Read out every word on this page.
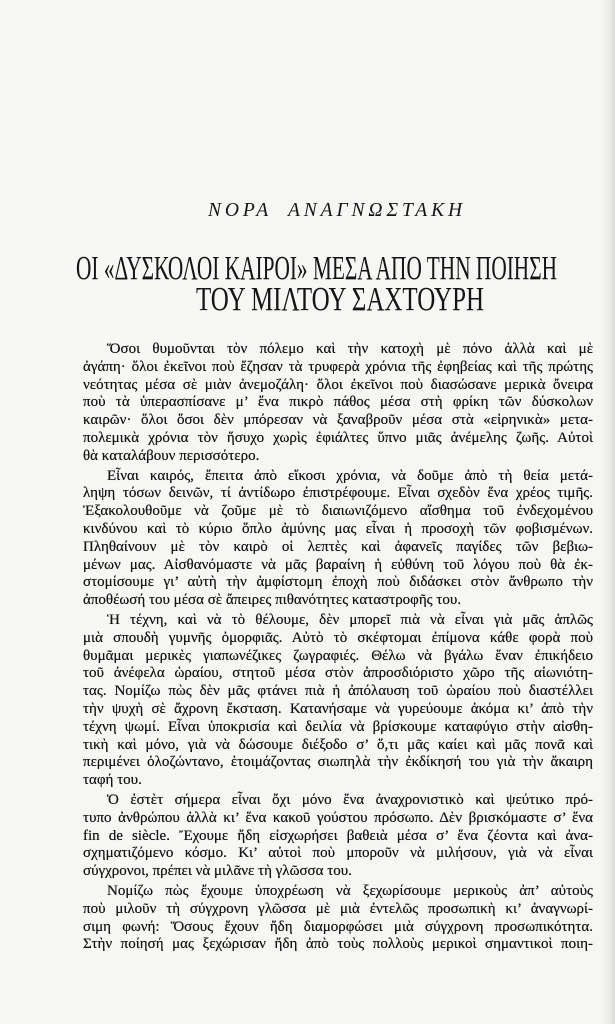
ΝΟΡΑ ΑΝΑΓΝΩΣΤΑΚΗ
ΟΙ «ΔΥΣΚΟΛΟΙ ΚΑΙΡΟΙ» ΜΕΣΑ ΑΠΟ ΤΗΝ ΠΟΙΗΣΗ
ΤΟΥ ΜΙΛΤΟΥ ΣΑΧΤΟΥΡΗ
Ὅσοι θυμοῦνται τὸν πόλεμο καὶ τὴν κατοχὴ μὲ πόνο ἀλλὰ καὶ μὲ
ἀγάπη· ὅλοι ἐκεῖνοι ποὺ ἔζησαν τὰ τρυφερὰ χρόνια τῆς ἐφηβείας καὶ τῆς πρώτης
νεότητας μέσα σὲ μιὰν ἀνεμοζάλη· ὅλοι ἐκεῖνοι ποὺ διασώσανε μερικὰ ὄνειρα
ποὺ τὰ ὑπερασπίσανε μ’ ἕνα πικρὸ πάθος μέσα στὴ φρίκη τῶν δύσκολων
καιρῶν· ὅλοι ὅσοι δὲν μπόρεσαν νὰ ξαναβροῦν μέσα στὰ «εἰρηνικὰ» μετα-
πολεμικὰ χρόνια τὸν ἥσυχο χωρὶς ἐφιάλτες ὕπνο μιᾶς ἀνέμελης ζωῆς. Αὐτοὶ
θὰ καταλάβουν περισσότερο.
Εἶναι καιρός, ἔπειτα ἀπὸ εἴκοσι χρόνια, νὰ δοῦμε ἀπὸ τὴ θεία μετά-
ληψη τόσων δεινῶν, τί ἀντίδωρο ἐπιστρέφουμε. Εἶναι σχεδὸν ἕνα χρέος τιμῆς.
Ἐξακολουθοῦμε νὰ ζοῦμε μὲ τὸ διαιωνιζόμενο αἴσθημα τοῦ ἐνδεχομένου
κινδύνου καὶ τὸ κύριο ὅπλο ἀμύνης μας εἶναι ἡ προσοχὴ τῶν φοβισμένων.
Πληθαίνουν μὲ τὸν καιρὸ οἱ λεπτὲς καὶ ἀφανεῖς παγίδες τῶν βεβιω-
μένων μας. Αἰσθανόμαστε νὰ μᾶς βαραίνη ἡ εὐθύνη τοῦ λόγου ποὺ θὰ ἐκ-
στομίσουμε γι’ αὐτὴ τὴν ἀμφίστομη ἐποχὴ ποὺ διδάσκει στὸν ἄνθρωπο τὴν
ἀποθέωσή του μέσα σὲ ἄπειρες πιθανότητες καταστροφῆς του.
Ἡ τέχνη, καὶ νὰ τὸ θέλουμε, δὲν μπορεῖ πιὰ νὰ εἶναι γιὰ μᾶς ἁπλῶς
μιὰ σπουδὴ γυμνῆς ὀμορφιᾶς. Αὐτὸ τὸ σκέφτομαι ἐπίμονα κάθε φορὰ ποὺ
θυμᾶμαι μερικὲς γιαπωνέζικες ζωγραφιές. Θέλω νὰ βγάλω ἕναν ἐπικήδειο
τοῦ ἀνέφελα ὡραίου, στητοῦ μέσα στὸν ἀπροσδιόριστο χῶρο τῆς αἰωνιότη-
τας. Νομίζω πὼς δὲν μᾶς φτάνει πιὰ ἡ ἀπόλαυση τοῦ ὡραίου ποὺ διαστέλλει
τὴν ψυχὴ σὲ ἄχρονη ἔκσταση. Κατανήσαμε νὰ γυρεύουμε ἀκόμα κι’ ἀπὸ τὴν
τέχνη ψωμί. Εἶναι ὑποκρισία καὶ δειλία νὰ βρίσκουμε καταφύγιο στὴν αἰσθη-
τικὴ καὶ μόνο, γιὰ νὰ δώσουμε διέξοδο σ’ ὅ,τι μᾶς καίει καὶ μᾶς πονᾶ καὶ
περιμένει ὁλοζώντανο, ἑτοιμάζοντας σιωπηλὰ τὴν ἐκδίκησή του γιὰ τὴν ἄκαιρη
ταφή του.
Ὁ ἐστὲτ σήμερα εἶναι ὄχι μόνο ἕνα ἀναχρονιστικὸ καὶ ψεύτικο πρό-
τυπο ἀνθρώπου ἀλλὰ κι’ ἕνα κακοῦ γούστου πρόσωπο. Δὲν βρισκόμαστε σ’ ἕνα
fin de siècle. Ἔχουμε ἤδη εἰσχωρήσει βαθειὰ μέσα σ’ ἕνα ζέοντα καὶ ἀνα-
σχηματιζόμενο κόσμο. Κι’ αὐτοὶ ποὺ μποροῦν νὰ μιλήσουν, γιὰ νὰ εἶναι
σύγχρονοι, πρέπει νὰ μιλᾶνε τὴ γλῶσσα του.
Νομίζω πὼς ἔχουμε ὑποχρέωση νὰ ξεχωρίσουμε μερικοὺς ἀπ’ αὐτοὺς
ποὺ μιλοῦν τὴ σύγχρονη γλῶσσα μὲ μιὰ ἐντελῶς προσωπικὴ κι’ ἀναγνωρί-
σιμη φωνή: Ὅσους ἔχουν ἤδη διαμορφώσει μιὰ σύγχρονη προσωπικότητα.
Στὴν ποίησή μας ξεχώρισαν ἤδη ἀπὸ τοὺς πολλοὺς μερικοὶ σημαντικοὶ ποιη-
